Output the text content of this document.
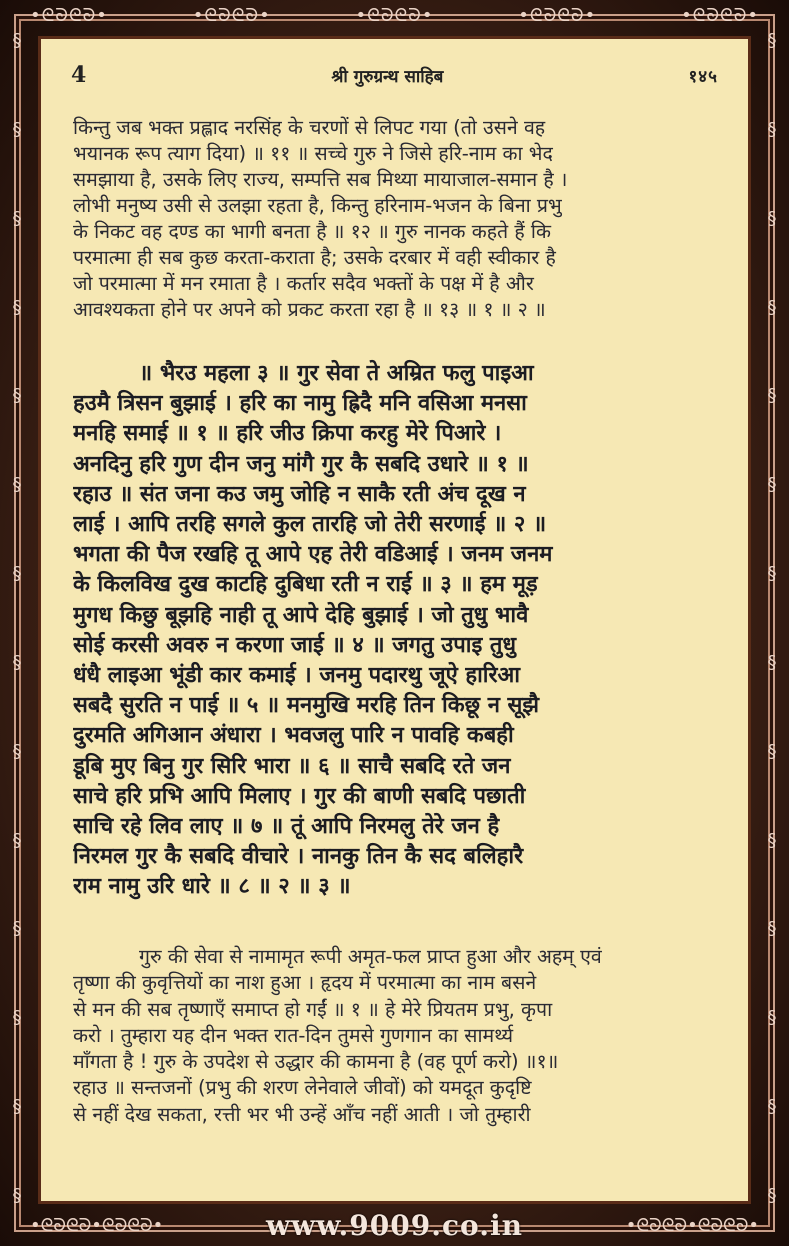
•ᘓᘐᘓᘐ•	•ᘓᘐᘓᘐ•	•ᘓᘐᘓᘐ•	•ᘓᘐᘓᘐ•	•ᘓᘐᘓᘐ•
•ᘓᘐᘓᘐ•ᘓᘐᘓᘐ•	•ᘓᘐᘓᘐ•ᘓᘐᘓᘐ•
§
§
§
§
§
§
§
§
§
§
§
§
§
§
§
§
§
§
§
§
§
§
§
§
§
§
§
§
4	श्री गुरुग्रन्थ साहिब	१४५
किन्तु जब भक्त प्रह्लाद नरसिंह के चरणों से लिपट गया (तो उसने वह
भयानक रूप त्याग दिया) ॥ ११ ॥ सच्चे गुरु ने जिसे हरि-नाम का भेद
समझाया है, उसके लिए राज्य, सम्पत्ति सब मिथ्या मायाजाल-समान है ।
लोभी मनुष्य उसी से उलझा रहता है, किन्तु हरिनाम-भजन के बिना प्रभु
के निकट वह दण्ड का भागी बनता है ॥ १२ ॥ गुरु नानक कहते हैं कि
परमात्मा ही सब कुछ करता-कराता है; उसके दरबार में वही स्वीकार है
जो परमात्मा में मन रमाता है । कर्तार सदैव भक्तों के पक्ष में है और
आवश्यकता होने पर अपने को प्रकट करता रहा है ॥ १३ ॥ १ ॥ २ ॥
॥ भैरउ महला ३ ॥ गुर सेवा ते अम्रित फलु पाइआ
हउमै त्रिसन बुझाई । हरि का नामु ह्रिदै मनि वसिआ मनसा
मनहि समाई ॥ १ ॥ हरि जीउ क्रिपा करहु मेरे पिआरे ।
अनदिनु हरि गुण दीन जनु मांगै गुर कै सबदि उधारे ॥ १ ॥
रहाउ ॥ संत जना कउ जमु जोहि न साकै रती अंच दूख न
लाई । आपि तरहि सगले कुल तारहि जो तेरी सरणाई ॥ २ ॥
भगता की पैज रखहि तू आपे एह तेरी वडिआई । जनम जनम
के किलविख दुख काटहि दुबिधा रती न राई ॥ ३ ॥ हम मूड़
मुगध किछु बूझहि नाही तू आपे देहि बुझाई । जो तुधु भावै
सोई करसी अवरु न करणा जाई ॥ ४ ॥ जगतु उपाइ तुधु
धंधै लाइआ भूंडी कार कमाई । जनमु पदारथु जूऐ हारिआ
सबदै सुरति न पाई ॥ ५ ॥ मनमुखि मरहि तिन किछू न सूझै
दुरमति अगिआन अंधारा । भवजलु पारि न पावहि कबही
डूबि मुए बिनु गुर सिरि भारा ॥ ६ ॥ साचै सबदि रते जन
साचे हरि प्रभि आपि मिलाए । गुर की बाणी सबदि पछाती
साचि रहे लिव लाए ॥ ७ ॥ तूं आपि निरमलु तेरे जन है
निरमल गुर कै सबदि वीचारे । नानकु तिन कै सद बलिहारै
राम नामु उरि धारे ॥ ८ ॥ २ ॥ ३ ॥
गुरु की सेवा से नामामृत रूपी अमृत-फल प्राप्त हुआ और अहम् एवं
तृष्णा की कुवृत्तियों का नाश हुआ । हृदय में परमात्मा का नाम बसने
से मन की सब तृष्णाएँ समाप्त हो गईं ॥ १ ॥ हे मेरे प्रियतम प्रभु, कृपा
करो । तुम्हारा यह दीन भक्त रात-दिन तुमसे गुणगान का सामर्थ्य
माँगता है ! गुरु के उपदेश से उद्धार की कामना है (वह पूर्ण करो) ॥१॥
रहाउ ॥ सन्तजनों (प्रभु की शरण लेनेवाले जीवों) को यमदूत कुदृष्टि
से नहीं देख सकता, रत्ती भर भी उन्हें आँच नहीं आती । जो तुम्हारी
www.9009.co.in
